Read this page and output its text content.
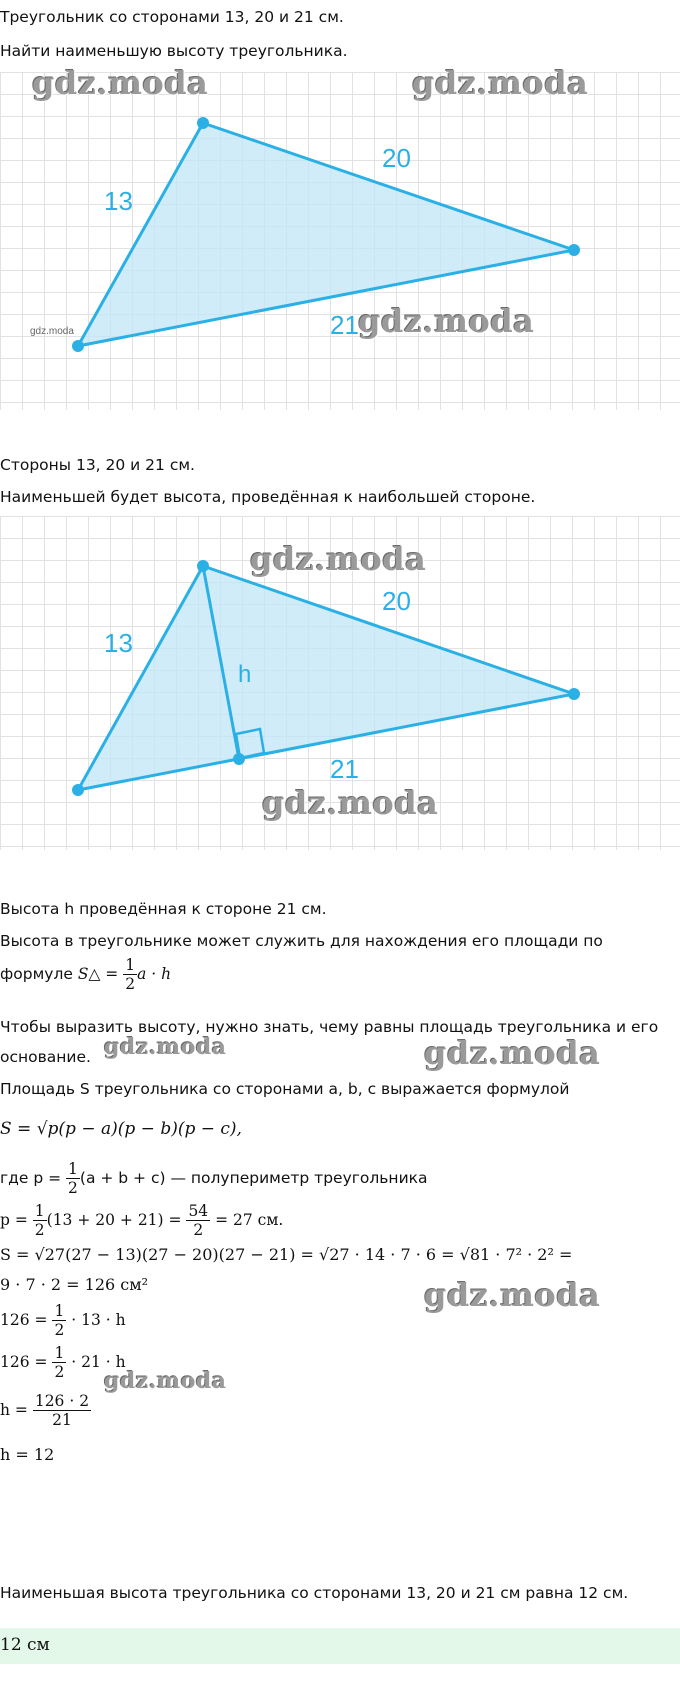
Треугольник со сторонами 13, 20 и 21 см.
Найти наименьшую высоту треугольника.
13
20
21
gdz.moda
gdz.moda	gdz.moda
gdz.moda
Стороны 13, 20 и 21 см.
Наименьшей будет высота, проведённая к наибольшей стороне.
13
20
21
h
gdz.moda
gdz.moda
Высота h проведённая к стороне 21 см.
Высота в треугольнике может служить для нахождения его площади по
формуле S△ = $\frac{1}{2}$ a · h
Чтобы выразить высоту, нужно знать, чему равны площадь треугольника и его
основание. gdz.moda	gdz.moda
Площадь S треугольника со сторонами a, b, c выражается формулой
S = √p(p − a)(p − b)(p − c),
где $p = \frac{1}{2} (a + b + c)$ — полупериметр треугольника
$p = \frac{1}{2} (13 + 20 + 21) = \frac{54}{2} = 27$ см.
S = √27(27 − 13)(27 − 20)(27 − 21) = √27 · 14 · 7 · 6 = √81 · 7² · 2² =
9 · 7 · 2 = 126 см²	gdz.moda
$126 = \frac{1}{2} \cdot 13 \cdot h$
$126 = \frac{1}{2} \cdot 21 \cdot h$
gdz.moda
$h = \frac{126 \cdot 2}{21}$
h = 12
Наименьшая высота треугольника со сторонами 13, 20 и 21 см равна 12 см.
12 см
